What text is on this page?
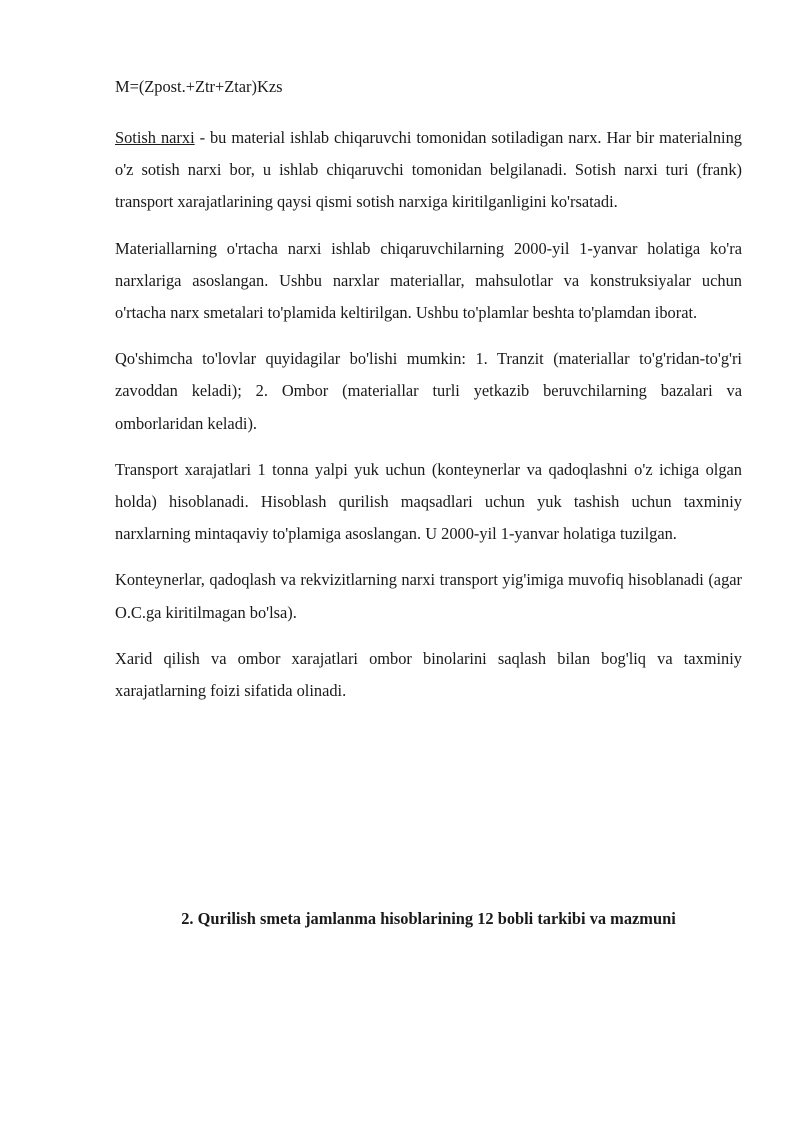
M=(Zpost.+Ztr+Ztar)Kzs

Sotish narxi - bu material ishlab chiqaruvchi tomonidan sotiladigan narx. Har bir materialning o'z sotish narxi bor, u ishlab chiqaruvchi tomonidan belgilanadi. Sotish narxi turi (frank) transport xarajatlarining qaysi qismi sotish narxiga kiritilganligini ko'rsatadi.

Materiallarning o'rtacha narxi ishlab chiqaruvchilarning 2000-yil 1-yanvar holatiga ko'ra narxlariga asoslangan. Ushbu narxlar materiallar, mahsulotlar va konstruksiyalar uchun o'rtacha narx smetalari to'plamida keltirilgan. Ushbu to'plamlar beshta to'plamdan iborat.

Qo'shimcha to'lovlar quyidagilar bo'lishi mumkin: 1. Tranzit (materiallar to'g'ridan-to'g'ri zavoddan keladi); 2. Ombor (materiallar turli yetkazib beruvchilarning bazalari va omborlaridan keladi).

Transport xarajatlari 1 tonna yalpi yuk uchun (konteynerlar va qadoqlashni o'z ichiga olgan holda) hisoblanadi. Hisoblash qurilish maqsadlari uchun yuk tashish uchun taxminiy narxlarning mintaqaviy to'plamiga asoslangan. U 2000-yil 1-yanvar holatiga tuzilgan.

Konteynerlar, qadoqlash va rekvizitlarning narxi transport yig'imiga muvofiq hisoblanadi (agar O.C.ga kiritilmagan bo'lsa).

Xarid qilish va ombor xarajatlari ombor binolarini saqlash bilan bog'liq va taxminiy xarajatlarning foizi sifatida olinadi.

2. Qurilish smeta jamlanma hisoblarining 12 bobli tarkibi va mazmuni
